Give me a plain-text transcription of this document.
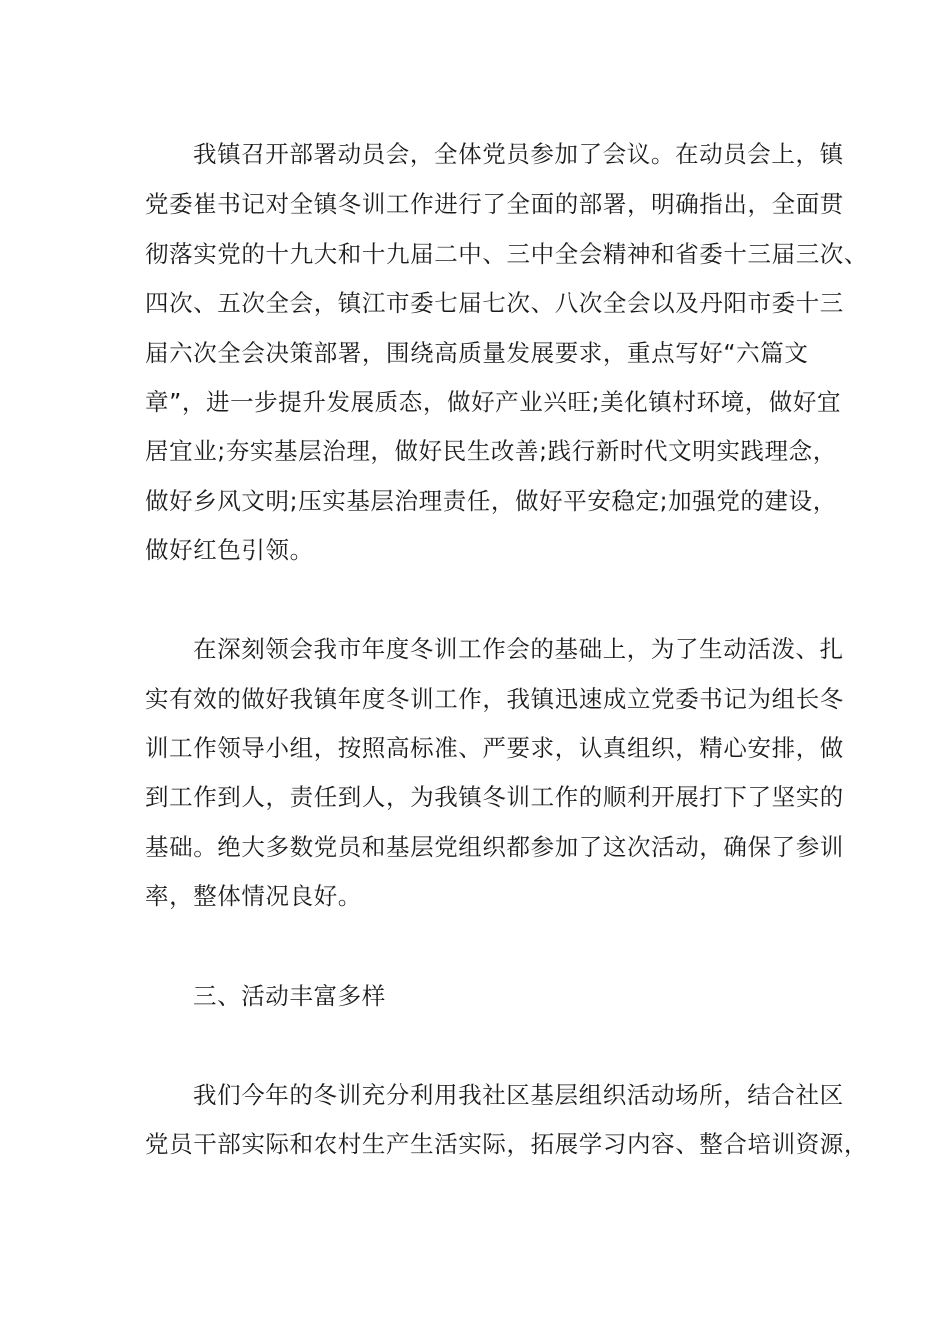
我镇召开部署动员会，全体党员参加了会议。在动员会上，镇
党委崔书记对全镇冬训工作进行了全面的部署，明确指出，全面贯
彻落实党的十九大和十九届二中、三中全会精神和省委十三届三次、
四次、五次全会，镇江市委七届七次、八次全会以及丹阳市委十三
届六次全会决策部署，围绕高质量发展要求，重点写好“六篇文
章”，进一步提升发展质态，做好产业兴旺;美化镇村环境，做好宜
居宜业;夯实基层治理，做好民生改善;践行新时代文明实践理念，
做好乡风文明;压实基层治理责任，做好平安稳定;加强党的建设，
做好红色引领。
在深刻领会我市年度冬训工作会的基础上，为了生动活泼、扎
实有效的做好我镇年度冬训工作，我镇迅速成立党委书记为组长冬
训工作领导小组，按照高标准、严要求，认真组织，精心安排，做
到工作到人，责任到人，为我镇冬训工作的顺利开展打下了坚实的
基础。绝大多数党员和基层党组织都参加了这次活动，确保了参训
率，整体情况良好。
三、活动丰富多样
我们今年的冬训充分利用我社区基层组织活动场所，结合社区
党员干部实际和农村生产生活实际，拓展学习内容、整合培训资源，
